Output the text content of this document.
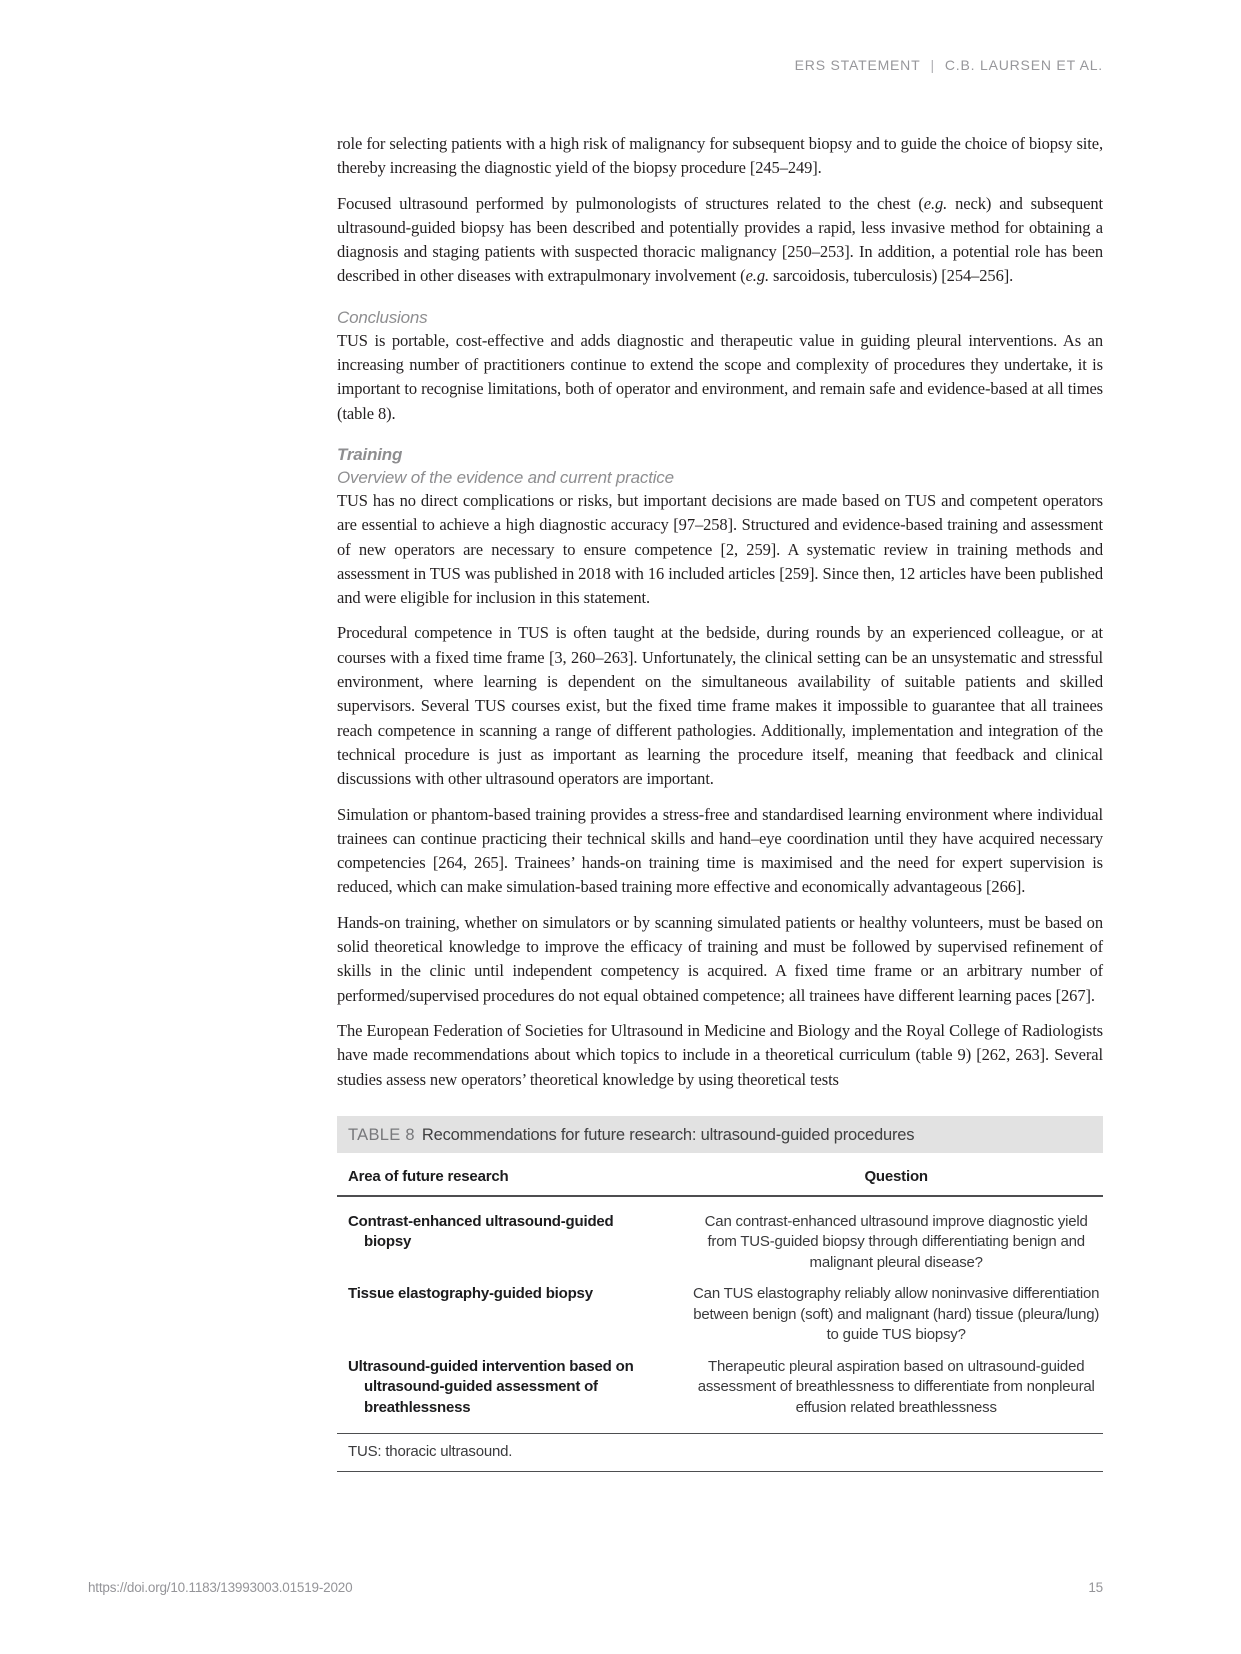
ERS STATEMENT | C.B. LAURSEN ET AL.

role for selecting patients with a high risk of malignancy for subsequent biopsy and to guide the choice of biopsy site, thereby increasing the diagnostic yield of the biopsy procedure [245–249].

Focused ultrasound performed by pulmonologists of structures related to the chest (e.g. neck) and subsequent ultrasound-guided biopsy has been described and potentially provides a rapid, less invasive method for obtaining a diagnosis and staging patients with suspected thoracic malignancy [250–253]. In addition, a potential role has been described in other diseases with extrapulmonary involvement (e.g. sarcoidosis, tuberculosis) [254–256].

Conclusions

TUS is portable, cost-effective and adds diagnostic and therapeutic value in guiding pleural interventions. As an increasing number of practitioners continue to extend the scope and complexity of procedures they undertake, it is important to recognise limitations, both of operator and environment, and remain safe and evidence-based at all times (table 8).

Training
Overview of the evidence and current practice

TUS has no direct complications or risks, but important decisions are made based on TUS and competent operators are essential to achieve a high diagnostic accuracy [97–258]. Structured and evidence-based training and assessment of new operators are necessary to ensure competence [2, 259]. A systematic review in training methods and assessment in TUS was published in 2018 with 16 included articles [259]. Since then, 12 articles have been published and were eligible for inclusion in this statement.

Procedural competence in TUS is often taught at the bedside, during rounds by an experienced colleague, or at courses with a fixed time frame [3, 260–263]. Unfortunately, the clinical setting can be an unsystematic and stressful environment, where learning is dependent on the simultaneous availability of suitable patients and skilled supervisors. Several TUS courses exist, but the fixed time frame makes it impossible to guarantee that all trainees reach competence in scanning a range of different pathologies. Additionally, implementation and integration of the technical procedure is just as important as learning the procedure itself, meaning that feedback and clinical discussions with other ultrasound operators are important.

Simulation or phantom-based training provides a stress-free and standardised learning environment where individual trainees can continue practicing their technical skills and hand–eye coordination until they have acquired necessary competencies [264, 265]. Trainees’ hands-on training time is maximised and the need for expert supervision is reduced, which can make simulation-based training more effective and economically advantageous [266].

Hands-on training, whether on simulators or by scanning simulated patients or healthy volunteers, must be based on solid theoretical knowledge to improve the efficacy of training and must be followed by supervised refinement of skills in the clinic until independent competency is acquired. A fixed time frame or an arbitrary number of performed/supervised procedures do not equal obtained competence; all trainees have different learning paces [267].

The European Federation of Societies for Ultrasound in Medicine and Biology and the Royal College of Radiologists have made recommendations about which topics to include in a theoretical curriculum (table 9) [262, 263]. Several studies assess new operators’ theoretical knowledge by using theoretical tests

TABLE 8 Recommendations for future research: ultrasound-guided procedures
Area of future research	Question
Contrast-enhanced ultrasound-guided biopsy	Can contrast-enhanced ultrasound improve diagnostic yield from TUS-guided biopsy through differentiating benign and malignant pleural disease?
Tissue elastography-guided biopsy	Can TUS elastography reliably allow noninvasive differentiation between benign (soft) and malignant (hard) tissue (pleura/lung) to guide TUS biopsy?
Ultrasound-guided intervention based on ultrasound-guided assessment of breathlessness	Therapeutic pleural aspiration based on ultrasound-guided assessment of breathlessness to differentiate from nonpleural effusion related breathlessness
TUS: thoracic ultrasound.
https://doi.org/10.1183/13993003.01519-2020	15
